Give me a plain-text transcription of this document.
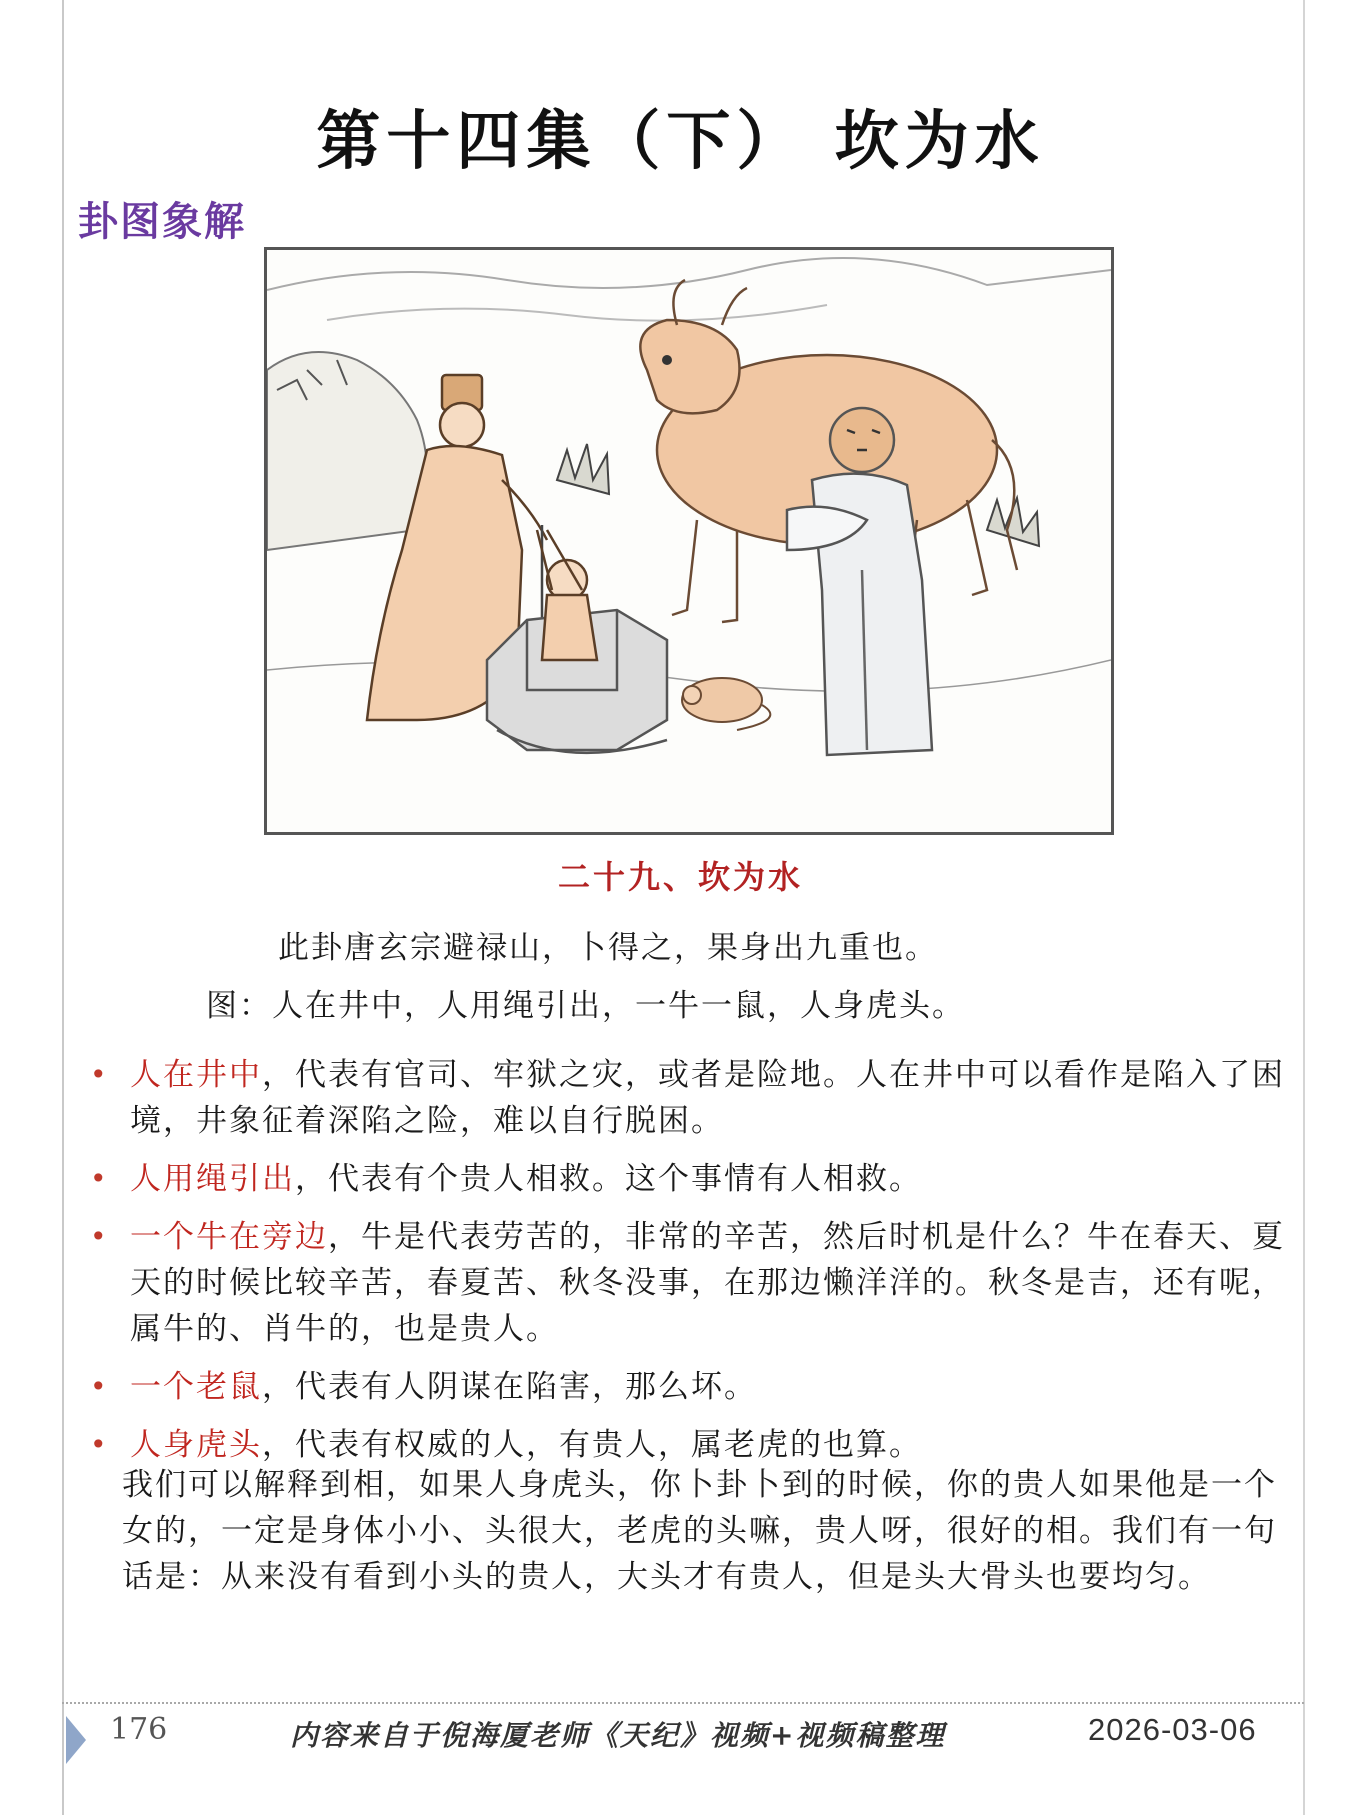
第十四集（下） 坎为水
卦图象解
二十九、坎为水
此卦唐玄宗避禄山，卜得之，果身出九重也。
图：人在井中，人用绳引出，一牛一鼠，人身虎头。
• 人在井中，代表有官司、牢狱之灾，或者是险地。人在井中可以看作是陷入了困境，井象征着深陷之险，难以自行脱困。
• 人用绳引出，代表有个贵人相救。这个事情有人相救。
• 一个牛在旁边，牛是代表劳苦的，非常的辛苦，然后时机是什么？牛在春天、夏天的时候比较辛苦，春夏苦、秋冬没事，在那边懒洋洋的。秋冬是吉，还有呢，属牛的、肖牛的，也是贵人。
• 一个老鼠，代表有人阴谋在陷害，那么坏。
• 人身虎头，代表有权威的人，有贵人，属老虎的也算。
我们可以解释到相，如果人身虎头，你卜卦卜到的时候，你的贵人如果他是一个女的，一定是身体小小、头很大，老虎的头嘛，贵人呀，很好的相。我们有一句话是：从来没有看到小头的贵人，大头才有贵人，但是头大骨头也要均匀。
176	内容来自于倪海厦老师《天纪》视频+视频稿整理	2026-03-06
